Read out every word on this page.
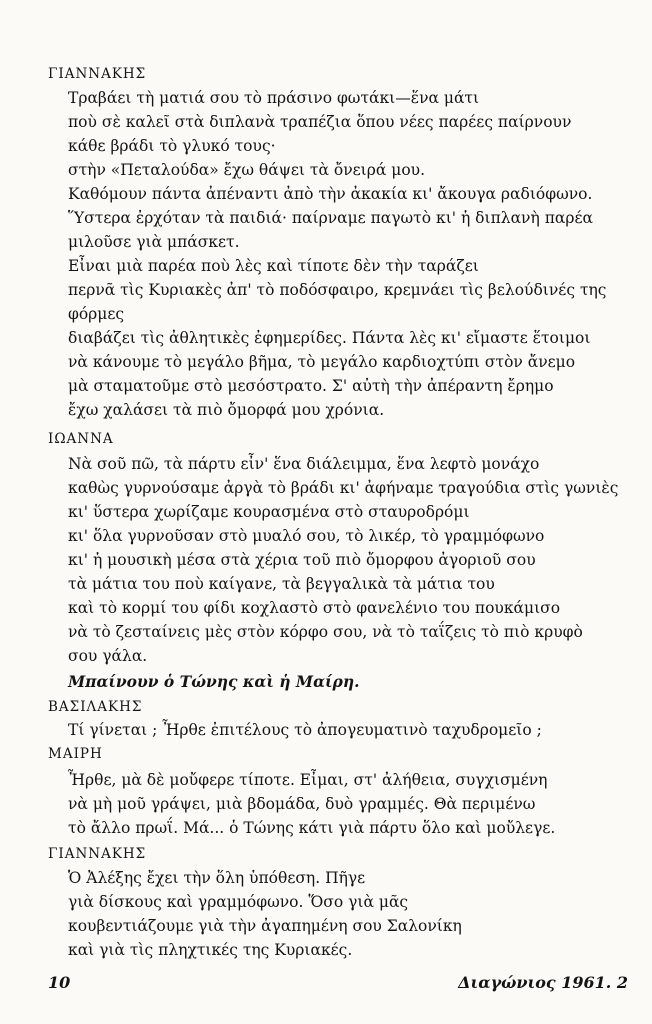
ΓΙΑΝΝΑΚΗΣ
Τραβάει τὴ ματιά σου τὸ πράσινο φωτάκι—ἕνα μάτι
ποὺ σὲ καλεῖ στὰ διπλανὰ τραπέζια ὅπου νέες παρέες παίρνουν
κάθε βράδι τὸ γλυκό τους·
στὴν «Πεταλούδα» ἔχω θάψει τὰ ὄνειρά μου.
Καθόμουν πάντα ἀπέναντι ἀπὸ τὴν ἀκακία κι' ἄκουγα ραδιόφωνο.
Ὕστερα ἐρχόταν τὰ παιδιά· παίρναμε παγωτὸ κι' ἡ διπλανὴ παρέα
μιλοῦσε γιὰ μπάσκετ.
Εἶναι μιὰ παρέα ποὺ λὲς καὶ τίποτε δὲν τὴν ταράζει
περνᾶ τὶς Κυριακὲς ἀπ' τὸ ποδόσφαιρο, κρεμνάει τὶς βελούδινές της
φόρμες
διαβάζει τὶς ἀθλητικὲς ἐφημερίδες. Πάντα λὲς κι' εἴμαστε ἕτοιμοι
νὰ κάνουμε τὸ μεγάλο βῆμα, τὸ μεγάλο καρδιοχτύπι στὸν ἄνεμο
μὰ σταματοῦμε στὸ μεσόστρατο. Σ' αὐτὴ τὴν ἀπέραντη ἔρημο
ἔχω χαλάσει τὰ πιὸ ὄμορφά μου χρόνια.
ΙΩΑΝΝΑ
Νὰ σοῦ πῶ, τὰ πάρτυ εἶν' ἕνα διάλειμμα, ἕνα λεφτὸ μονάχο
καθὼς γυρνούσαμε ἀργὰ τὸ βράδι κι' ἀφήναμε τραγούδια στὶς γωνιὲς
κι' ὕστερα χωρίζαμε κουρασμένα στὸ σταυροδρόμι
κι' ὅλα γυρνοῦσαν στὸ μυαλό σου, τὸ λικέρ, τὸ γραμμόφωνο
κι' ἡ μουσικὴ μέσα στὰ χέρια τοῦ πιὸ ὄμορφου ἀγοριοῦ σου
τὰ μάτια του ποὺ καίγανε, τὰ βεγγαλικὰ τὰ μάτια του
καὶ τὸ κορμί του φίδι κοχλαστὸ στὸ φανελένιο του πουκάμισο
νὰ τὸ ζεσταίνεις μὲς στὸν κόρφο σου, νὰ τὸ ταΐζεις τὸ πιὸ κρυφὸ
σου γάλα.
Μπαίνουν ὁ Τώνης καὶ ἡ Μαίρη.
ΒΑΣΙΛΑΚΗΣ
Τί γίνεται ; Ἦρθε ἐπιτέλους τὸ ἀπογευματινὸ ταχυδρομεῖο ;
ΜΑΙΡΗ
Ἦρθε, μὰ δὲ μοὔφερε τίποτε. Εἶμαι, στ' ἀλήθεια, συγχισμένη
νὰ μὴ μοῦ γράψει, μιὰ βδομάδα, δυὸ γραμμές. Θὰ περιμένω
τὸ ἄλλο πρωΐ. Μά... ὁ Τώνης κάτι γιὰ πάρτυ ὅλο καὶ μοὔλεγε.
ΓΙΑΝΝΑΚΗΣ
Ὁ Ἀλέξης ἔχει τὴν ὅλη ὑπόθεση. Πῆγε
γιὰ δίσκους καὶ γραμμόφωνο. Ὅσο γιὰ μᾶς
κουβεντιάζουμε γιὰ τὴν ἀγαπημένη σου Σαλονίκη
καὶ γιὰ τὶς πληχτικές της Κυριακές.
10	Διαγώνιος 1961. 2
